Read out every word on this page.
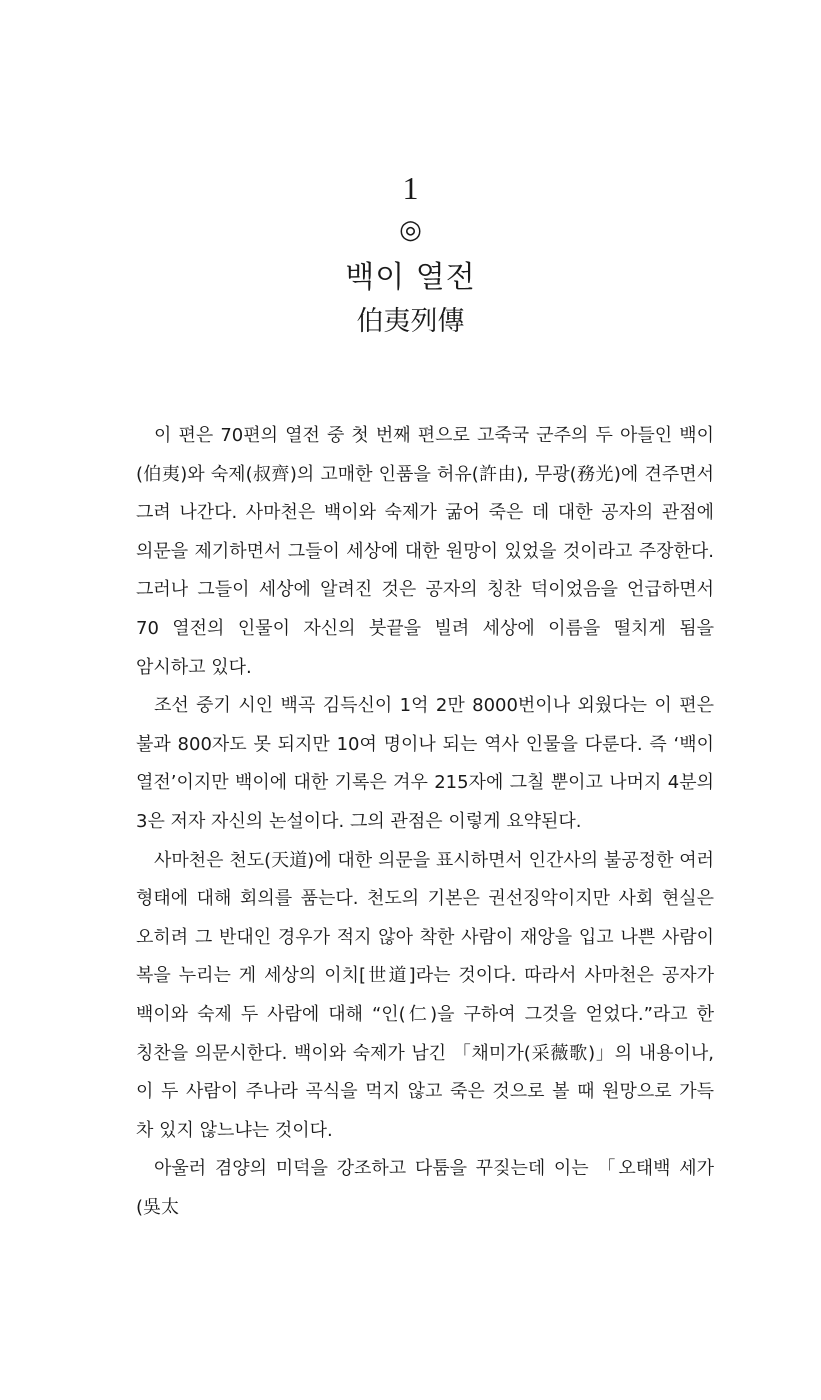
1
◎
백이 열전
伯夷列傳

이 편은 70편의 열전 중 첫 번째 편으로 고죽국 군주의 두 아들인 백이(伯夷)와 숙제(叔齊)의 고매한 인품을 허유(許由), 무광(務光)에 견주면서 그려 나간다. 사마천은 백이와 숙제가 굶어 죽은 데 대한 공자의 관점에 의문을 제기하면서 그들이 세상에 대한 원망이 있었을 것이라고 주장한다. 그러나 그들이 세상에 알려진 것은 공자의 칭찬 덕이었음을 언급하면서 70 열전의 인물이 자신의 붓끝을 빌려 세상에 이름을 떨치게 됨을 암시하고 있다.

조선 중기 시인 백곡 김득신이 1억 2만 8000번이나 외웠다는 이 편은 불과 800자도 못 되지만 10여 명이나 되는 역사 인물을 다룬다. 즉 ‘백이 열전’이지만 백이에 대한 기록은 겨우 215자에 그칠 뿐이고 나머지 4분의 3은 저자 자신의 논설이다. 그의 관점은 이렇게 요약된다.

사마천은 천도(天道)에 대한 의문을 표시하면서 인간사의 불공정한 여러 형태에 대해 회의를 품는다. 천도의 기본은 권선징악이지만 사회 현실은 오히려 그 반대인 경우가 적지 않아 착한 사람이 재앙을 입고 나쁜 사람이 복을 누리는 게 세상의 이치[世道]라는 것이다. 따라서 사마천은 공자가 백이와 숙제 두 사람에 대해 “인(仁)을 구하여 그것을 얻었다.”라고 한 칭찬을 의문시한다. 백이와 숙제가 남긴 「채미가(采薇歌)」의 내용이나, 이 두 사람이 주나라 곡식을 먹지 않고 죽은 것으로 볼 때 원망으로 가득 차 있지 않느냐는 것이다.

아울러 겸양의 미덕을 강조하고 다툼을 꾸짖는데 이는 「오태백 세가(吳太
